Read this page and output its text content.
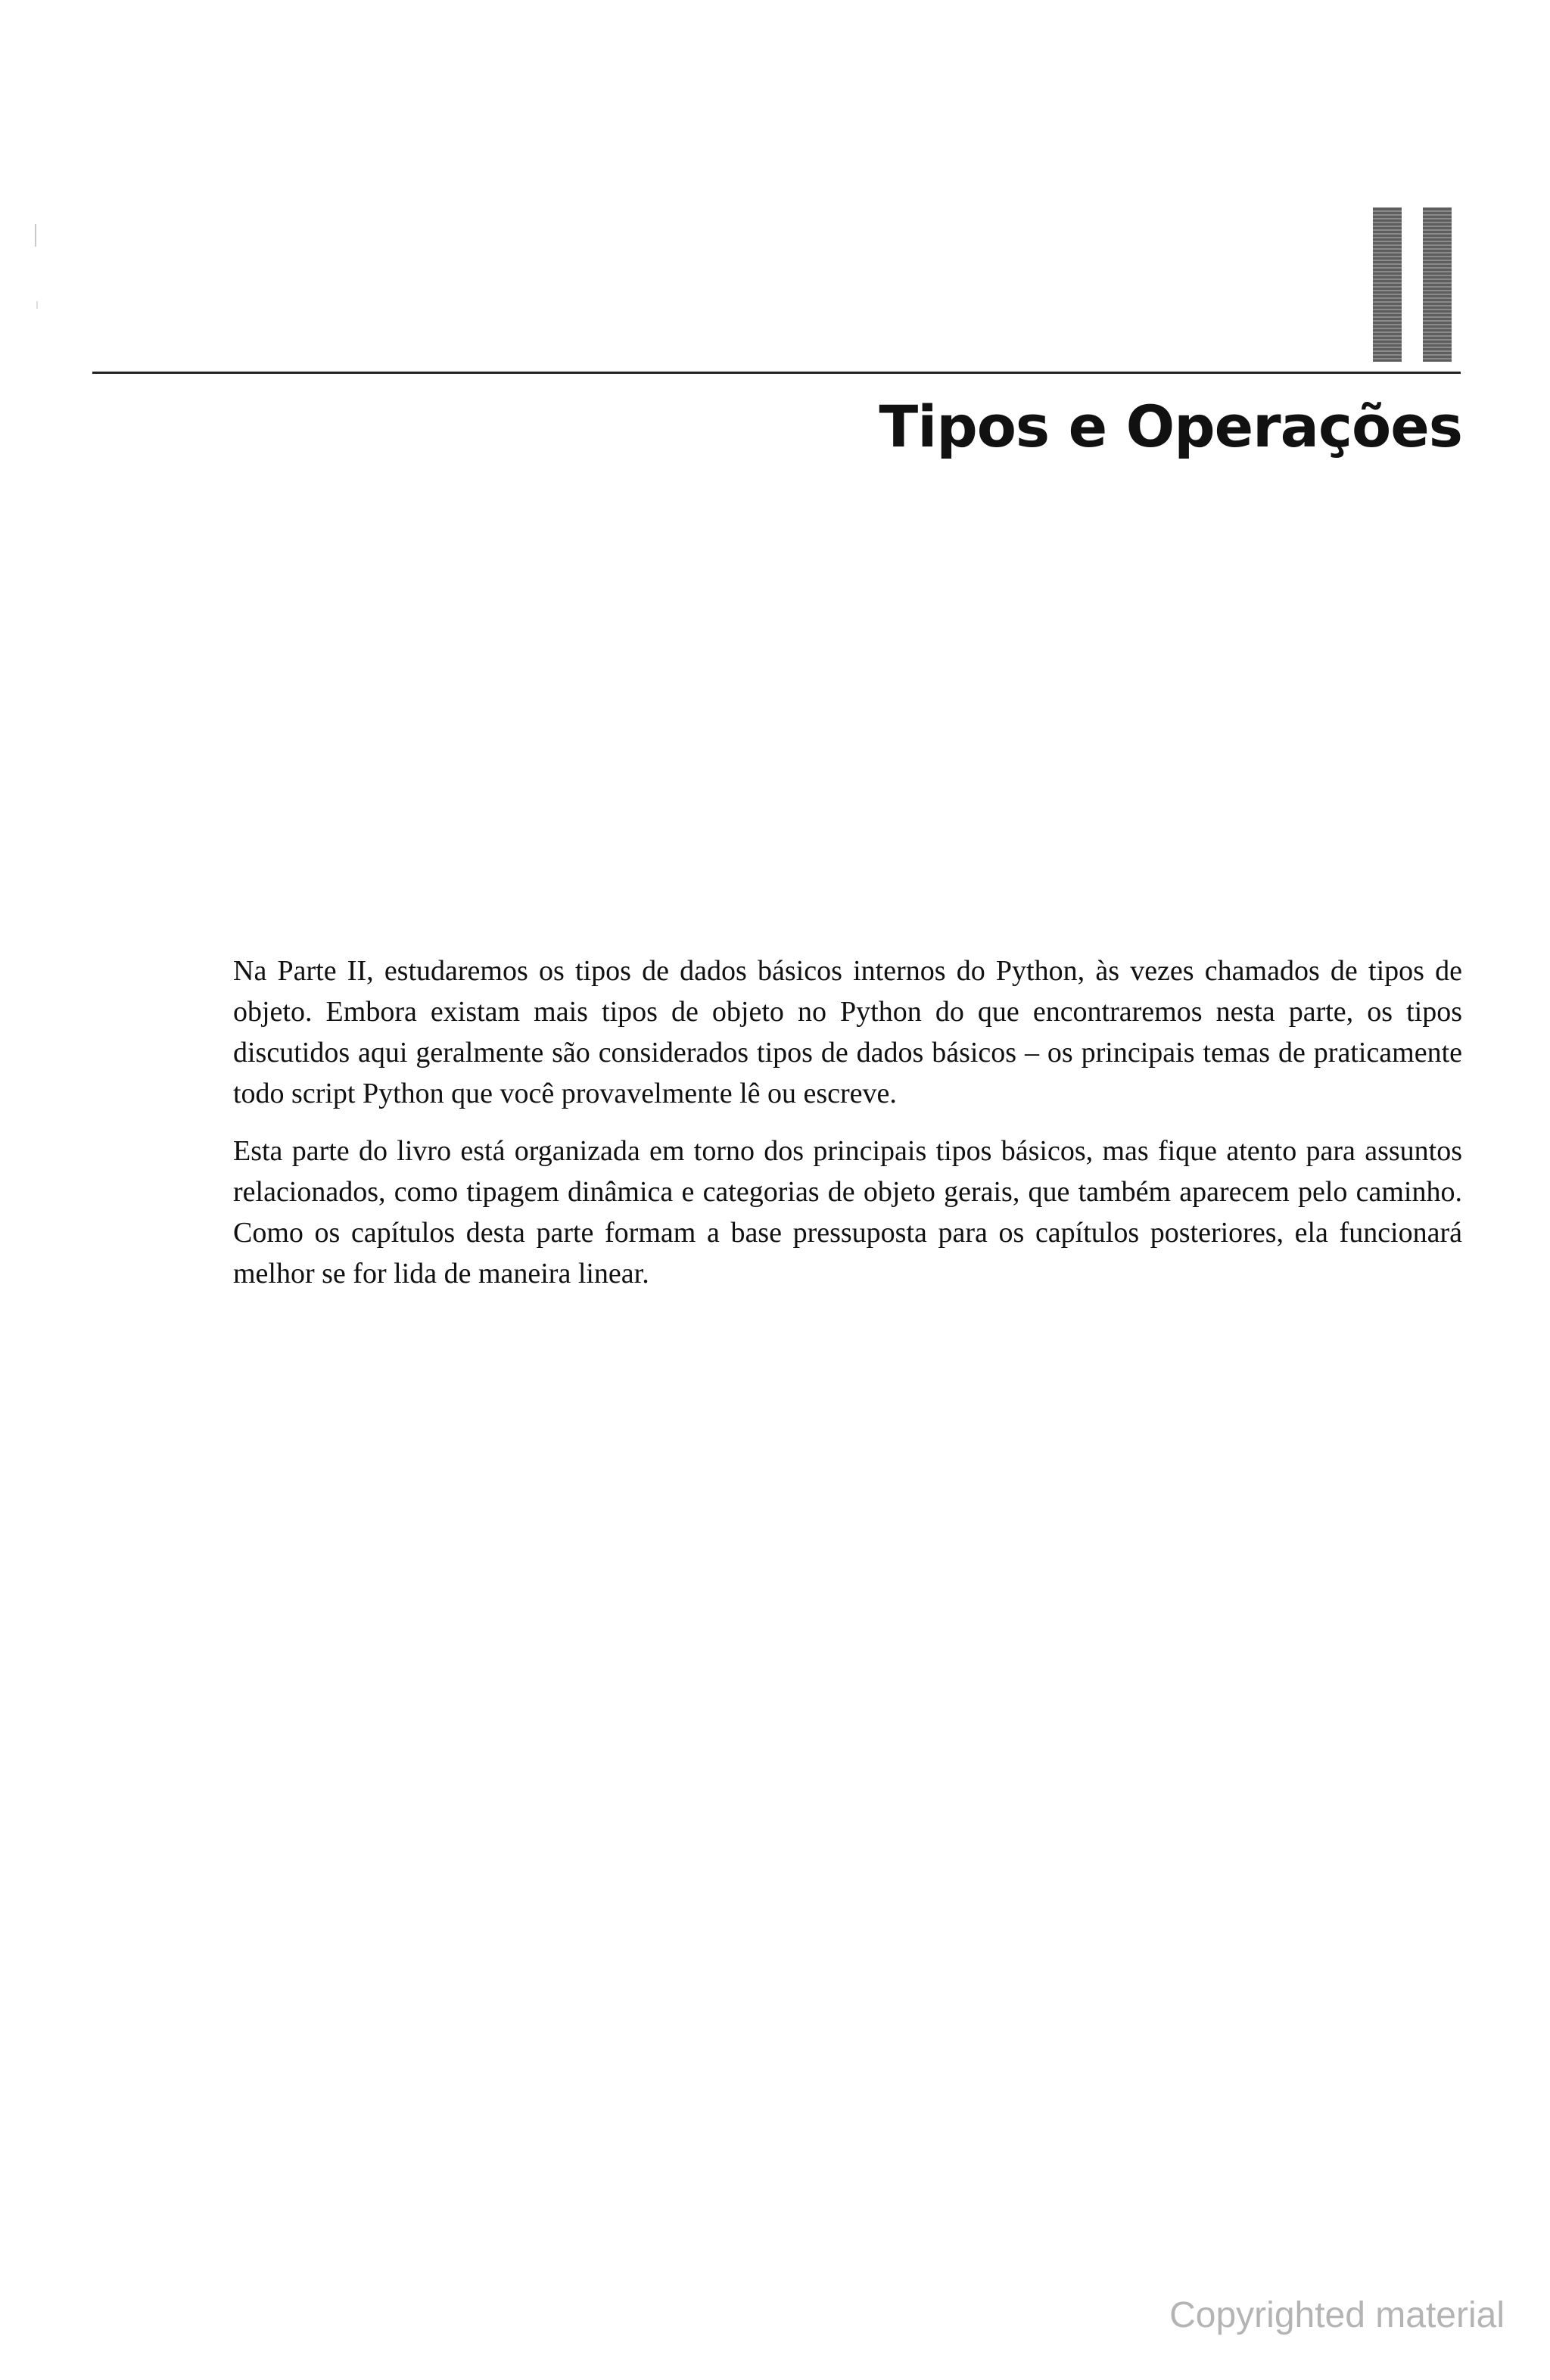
Tipos e Operações

Na Parte II, estudaremos os tipos de dados básicos internos do Python, às vezes chamados de tipos de objeto. Embora existam mais tipos de objeto no Python do que encontraremos nesta parte, os tipos discutidos aqui geralmente são considerados tipos de dados básicos – os principais temas de praticamente todo script Python que você provavelmente lê ou escreve.

Esta parte do livro está organizada em torno dos principais tipos básicos, mas fique atento para assuntos relacionados, como tipagem dinâmica e categorias de objeto gerais, que também aparecem pelo caminho. Como os capítulos desta parte formam a base pressuposta para os capítulos posteriores, ela funcionará melhor se for lida de maneira linear.

Copyrighted material
